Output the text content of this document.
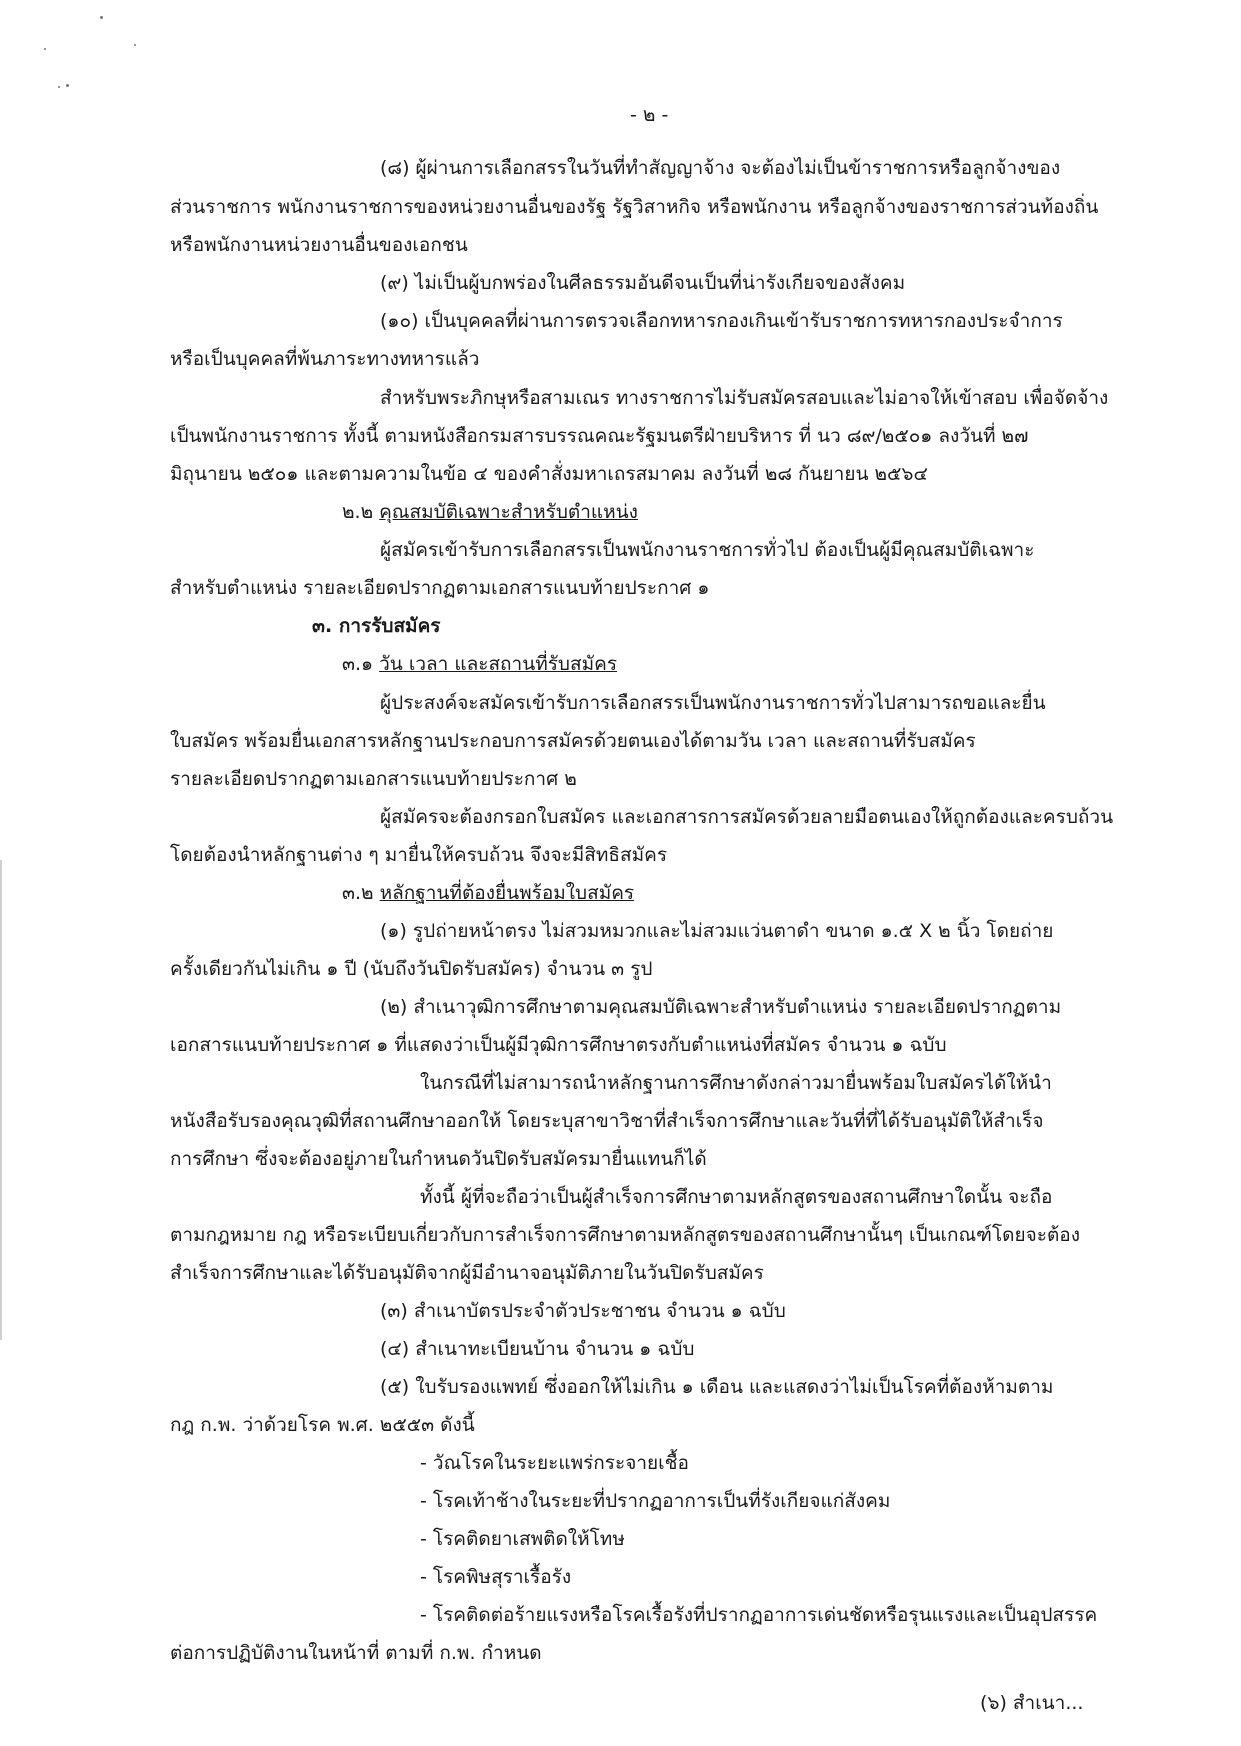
- ๒ -
(๘) ผู้ผ่านการเลือกสรรในวันที่ทำสัญญาจ้าง จะต้องไม่เป็นข้าราชการหรือลูกจ้างของ
ส่วนราชการ พนักงานราชการของหน่วยงานอื่นของรัฐ รัฐวิสาหกิจ หรือพนักงาน หรือลูกจ้างของราชการส่วนท้องถิ่น
หรือพนักงานหน่วยงานอื่นของเอกชน
(๙) ไม่เป็นผู้บกพร่องในศีลธรรมอันดีจนเป็นที่น่ารังเกียจของสังคม
(๑๐) เป็นบุคคลที่ผ่านการตรวจเลือกทหารกองเกินเข้ารับราชการทหารกองประจำการ
หรือเป็นบุคคลที่พ้นภาระทางทหารแล้ว
สำหรับพระภิกษุหรือสามเณร ทางราชการไม่รับสมัครสอบและไม่อาจให้เข้าสอบ เพื่อจัดจ้าง
เป็นพนักงานราชการ ทั้งนี้ ตามหนังสือกรมสารบรรณคณะรัฐมนตรีฝ่ายบริหาร ที่ นว ๘๙/๒๕๐๑ ลงวันที่ ๒๗
มิถุนายน ๒๕๐๑ และตามความในข้อ ๔ ของคำสั่งมหาเถรสมาคม ลงวันที่ ๒๘ กันยายน ๒๕๖๔
๒.๒ คุณสมบัติเฉพาะสำหรับตำแหน่ง
ผู้สมัครเข้ารับการเลือกสรรเป็นพนักงานราชการทั่วไป ต้องเป็นผู้มีคุณสมบัติเฉพาะ
สำหรับตำแหน่ง รายละเอียดปรากฏตามเอกสารแนบท้ายประกาศ ๑
๓. การรับสมัคร
๓.๑ วัน เวลา และสถานที่รับสมัคร
ผู้ประสงค์จะสมัครเข้ารับการเลือกสรรเป็นพนักงานราชการทั่วไปสามารถขอและยื่น
ใบสมัคร พร้อมยื่นเอกสารหลักฐานประกอบการสมัครด้วยตนเองได้ตามวัน เวลา และสถานที่รับสมัคร
รายละเอียดปรากฏตามเอกสารแนบท้ายประกาศ ๒
ผู้สมัครจะต้องกรอกใบสมัคร และเอกสารการสมัครด้วยลายมือตนเองให้ถูกต้องและครบถ้วน
โดยต้องนำหลักฐานต่าง ๆ มายื่นให้ครบถ้วน จึงจะมีสิทธิสมัคร
๓.๒ หลักฐานที่ต้องยื่นพร้อมใบสมัคร
(๑) รูปถ่ายหน้าตรง ไม่สวมหมวกและไม่สวมแว่นตาดำ ขนาด ๑.๕ X ๒ นิ้ว โดยถ่าย
ครั้งเดียวกันไม่เกิน ๑ ปี (นับถึงวันปิดรับสมัคร) จำนวน ๓ รูป
(๒) สำเนาวุฒิการศึกษาตามคุณสมบัติเฉพาะสำหรับตำแหน่ง รายละเอียดปรากฏตาม
เอกสารแนบท้ายประกาศ ๑ ที่แสดงว่าเป็นผู้มีวุฒิการศึกษาตรงกับตำแหน่งที่สมัคร จำนวน ๑ ฉบับ
ในกรณีที่ไม่สามารถนำหลักฐานการศึกษาดังกล่าวมายื่นพร้อมใบสมัครได้ให้นำ
หนังสือรับรองคุณวุฒิที่สถานศึกษาออกให้ โดยระบุสาขาวิชาที่สำเร็จการศึกษาและวันที่ที่ได้รับอนุมัติให้สำเร็จ
การศึกษา ซึ่งจะต้องอยู่ภายในกำหนดวันปิดรับสมัครมายื่นแทนก็ได้
ทั้งนี้ ผู้ที่จะถือว่าเป็นผู้สำเร็จการศึกษาตามหลักสูตรของสถานศึกษาใดนั้น จะถือ
ตามกฎหมาย กฎ หรือระเบียบเกี่ยวกับการสำเร็จการศึกษาตามหลักสูตรของสถานศึกษานั้นๆ เป็นเกณฑ์โดยจะต้อง
สำเร็จการศึกษาและได้รับอนุมัติจากผู้มีอำนาจอนุมัติภายในวันปิดรับสมัคร
(๓) สำเนาบัตรประจำตัวประชาชน จำนวน ๑ ฉบับ
(๔) สำเนาทะเบียนบ้าน จำนวน ๑ ฉบับ
(๕) ใบรับรองแพทย์ ซึ่งออกให้ไม่เกิน ๑ เดือน และแสดงว่าไม่เป็นโรคที่ต้องห้ามตาม
กฎ ก.พ. ว่าด้วยโรค พ.ศ. ๒๕๕๓ ดังนี้
- วัณโรคในระยะแพร่กระจายเชื้อ
- โรคเท้าช้างในระยะที่ปรากฏอาการเป็นที่รังเกียจแก่สังคม
- โรคติดยาเสพติดให้โทษ
- โรคพิษสุราเรื้อรัง
- โรคติดต่อร้ายแรงหรือโรคเรื้อรังที่ปรากฏอาการเด่นชัดหรือรุนแรงและเป็นอุปสรรค
ต่อการปฏิบัติงานในหน้าที่ ตามที่ ก.พ. กำหนด
(๖) สำเนา...
